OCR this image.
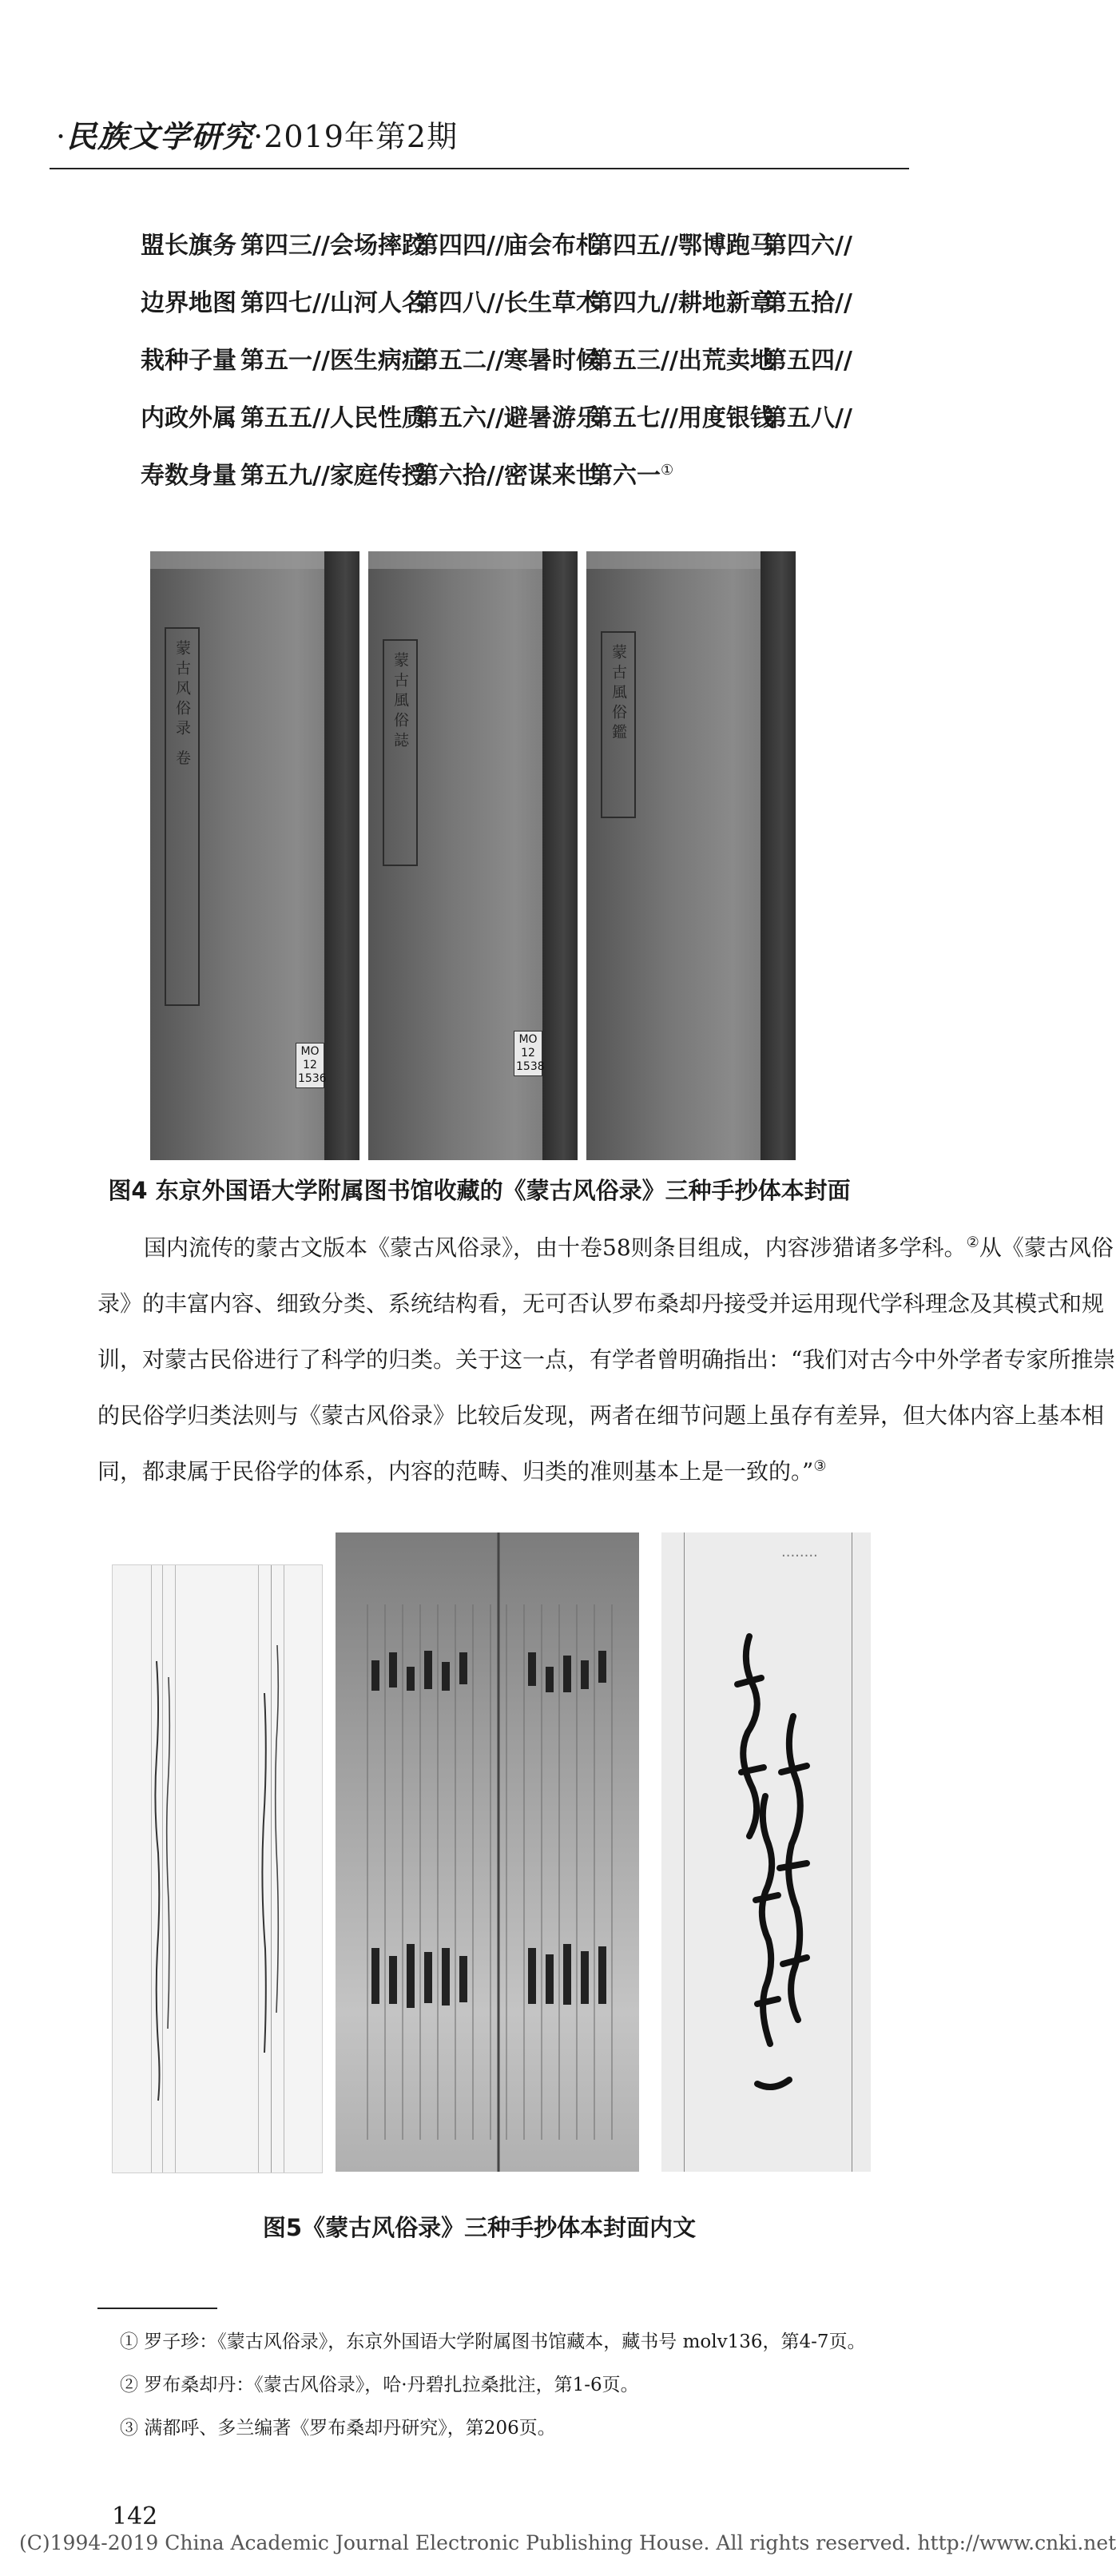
·民族文学研究·2019年第2期
盟长旗务 第四三//会场摔跤
第四四//庙会布札
第四五//鄂博跑马
第四六//
边界地图 第四七//山河人名
第四八//长生草木
第四九//耕地新章
第五拾//
栽种子量 第五一//医生病症
第五二//寒暑时候
第五三//出荒卖地
第五四//
内政外属 第五五//人民性质
第五六//避暑游乐
第五七//用度银钱
第五八//
寿数身量 第五九//家庭传授
第六拾//密谋来世
第六一①
蒙古风俗录 卷
MO 12 1536
蒙古風俗誌
MO 12 1538
蒙古風俗鑑
图4 东京外国语大学附属图书馆收藏的《蒙古风俗录》三种手抄体本封面
国内流传的蒙古文版本《蒙古风俗录》，由十卷58则条目组成，内容涉猎诸多学科。②从《蒙古风俗
录》的丰富内容、细致分类、系统结构看，无可否认罗布桑却丹接受并运用现代学科理念及其模式和规
训，对蒙古民俗进行了科学的归类。关于这一点，有学者曾明确指出：“我们对古今中外学者专家所推崇
的民俗学归类法则与《蒙古风俗录》比较后发现，两者在细节问题上虽存有差异，但大体内容上基本相
同，都隶属于民俗学的体系，内容的范畴、归类的准则基本上是一致的。”③
........
图5《蒙古风俗录》三种手抄体本封面内文
① 罗子珍：《蒙古风俗录》，东京外国语大学附属图书馆藏本，藏书号 molv136，第4-7页。
② 罗布桑却丹：《蒙古风俗录》，哈·丹碧扎拉桑批注，第1-6页。
③ 满都呼、多兰编著《罗布桑却丹研究》，第206页。
142
(C)1994-2019 China Academic Journal Electronic Publishing House. All rights reserved. http://www.cnki.net
